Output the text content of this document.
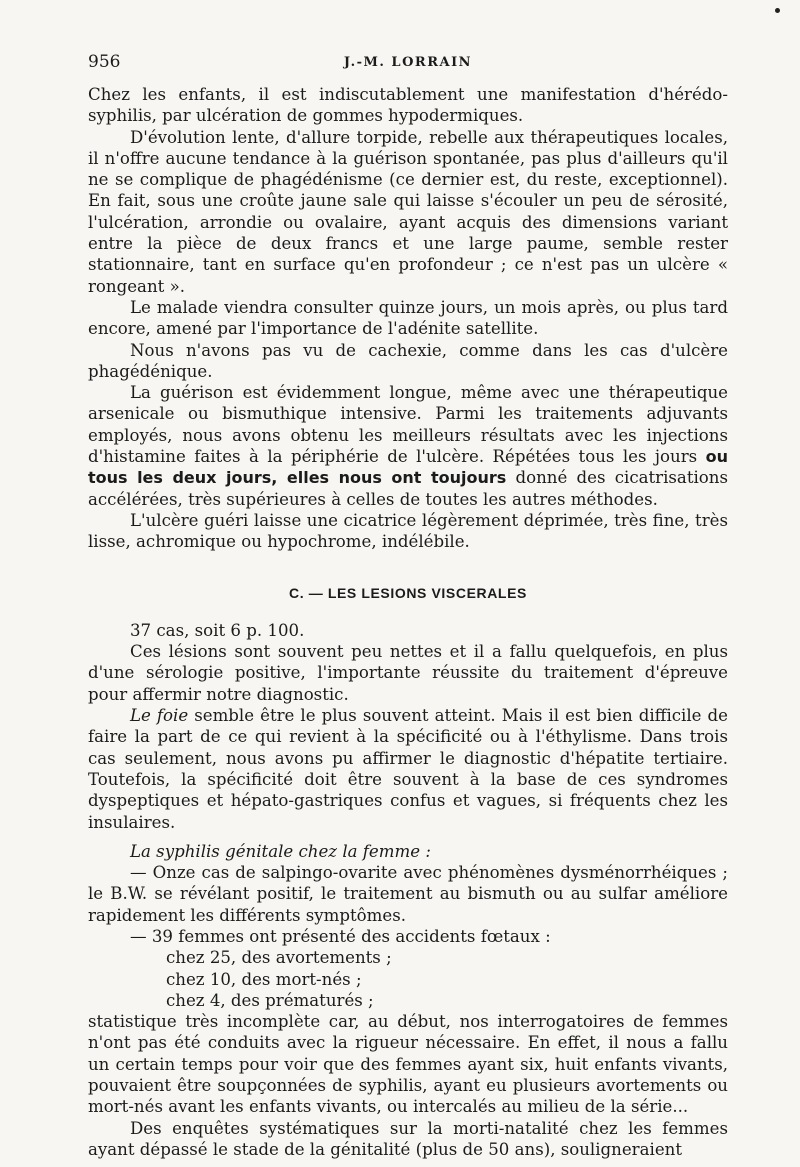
956	J.-M. LORRAIN

Chez les enfants, il est indiscutablement une manifestation d'hérédo-syphilis, par ulcération de gommes hypodermiques.

D'évolution lente, d'allure torpide, rebelle aux thérapeutiques locales, il n'offre aucune tendance à la guérison spontanée, pas plus d'ailleurs qu'il ne se complique de phagédénisme (ce dernier est, du reste, exceptionnel). En fait, sous une croûte jaune sale qui laisse s'écouler un peu de sérosité, l'ulcération, arrondie ou ovalaire, ayant acquis des dimensions variant entre la pièce de deux francs et une large paume, semble rester stationnaire, tant en surface qu'en profondeur ; ce n'est pas un ulcère « rongeant ».

Le malade viendra consulter quinze jours, un mois après, ou plus tard encore, amené par l'importance de l'adénite satellite.

Nous n'avons pas vu de cachexie, comme dans les cas d'ulcère phagédénique.

La guérison est évidemment longue, même avec une thérapeutique arsenicale ou bismuthique intensive. Parmi les traitements adjuvants employés, nous avons obtenu les meilleurs résultats avec les injections d'histamine faites à la périphérie de l'ulcère. Répétées tous les jours ou tous les deux jours, elles nous ont toujours donné des cicatrisations accélérées, très supérieures à celles de toutes les autres méthodes.

L'ulcère guéri laisse une cicatrice légèrement déprimée, très fine, très lisse, achromique ou hypochrome, indélébile.

C. — LES LESIONS VISCERALES

37 cas, soit 6 p. 100.

Ces lésions sont souvent peu nettes et il a fallu quelquefois, en plus d'une sérologie positive, l'importante réussite du traitement d'épreuve pour affermir notre diagnostic.

Le foie semble être le plus souvent atteint. Mais il est bien difficile de faire la part de ce qui revient à la spécificité ou à l'éthylisme. Dans trois cas seulement, nous avons pu affirmer le diagnostic d'hépatite tertiaire. Toutefois, la spécificité doit être souvent à la base de ces syndromes dyspeptiques et hépato-gastriques confus et vagues, si fréquents chez les insulaires.

La syphilis génitale chez la femme :

— Onze cas de salpingo-ovarite avec phénomènes dysménorrhéiques ; le B.W. se révélant positif, le traitement au bismuth ou au sulfar améliore rapidement les différents symptômes.

— 39 femmes ont présenté des accidents fœtaux :

chez 25, des avortements ;

chez 10, des mort-nés ;

chez 4, des prématurés ;

statistique très incomplète car, au début, nos interrogatoires de femmes n'ont pas été conduits avec la rigueur nécessaire. En effet, il nous a fallu un certain temps pour voir que des femmes ayant six, huit enfants vivants, pouvaient être soupçonnées de syphilis, ayant eu plusieurs avortements ou mort-nés avant les enfants vivants, ou intercalés au milieu de la série...

Des enquêtes systématiques sur la morti-natalité chez les femmes ayant dépassé le stade de la génitalité (plus de 50 ans), souligneraient
